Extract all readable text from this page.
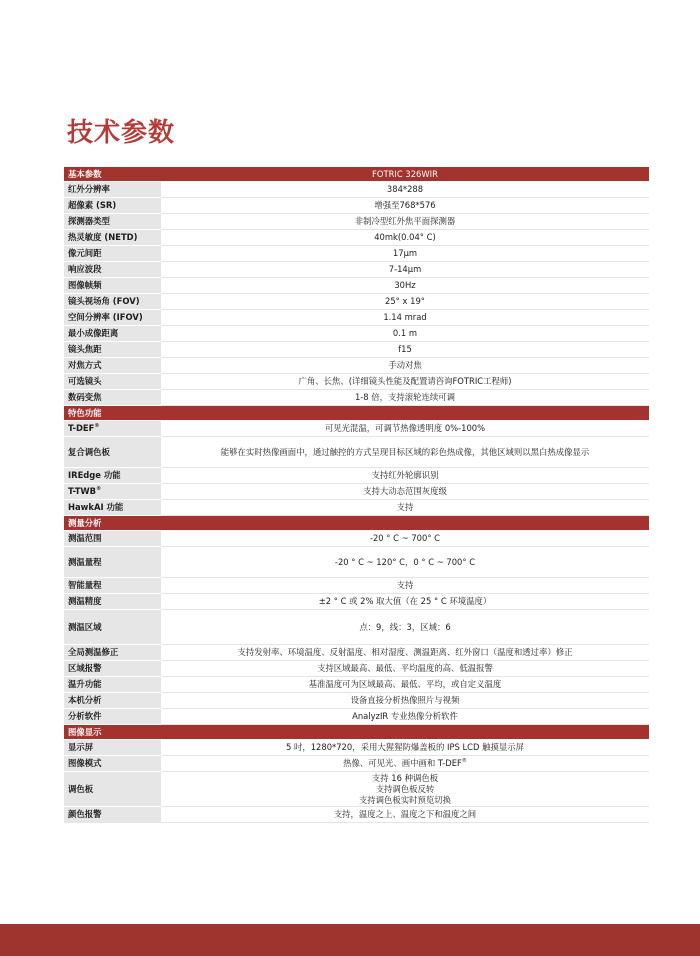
技术参数
基本参数	FOTRIC 326WIR
红外分辨率	384*288
超像素 (SR)	增强至768*576
探测器类型	非制冷型红外焦平面探测器
热灵敏度 (NETD)	40mk(0.04° C)
像元间距	17μm
响应波段	7-14μm
图像帧频	30Hz
镜头视场角 (FOV)	25° x 19°
空间分辨率 (IFOV)	1.14 mrad
最小成像距离	0.1 m
镜头焦距	f15
对焦方式	手动对焦
可选镜头	广角、长焦、(详细镜头性能及配置请咨询FOTRIC工程师)
数码变焦	1-8 倍，支持滚轮连续可调
特色功能	
T-DEF®	可见光混温，可调节热像透明度 0%-100%
复合调色板	能够在实时热像画面中，通过触控的方式呈现目标区域的彩色热成像，其他区域则以黑白热成像显示
IREdge 功能	支持红外轮廓识别
T-TWB®	支持大动态范围灰度级
HawkAI 功能	支持
测量分析	
测温范围	-20 ° C ~ 700° C
测温量程	-20 ° C ~ 120° C，0 ° C ~ 700° C
智能量程	支持
测温精度	±2 ° C 或 2% 取大值（在 25 ° C 环境温度）
测温区域	点：9，线：3，区域：6
全局测温修正	支持发射率、环境温度、反射温度、相对湿度、测温距离、红外窗口（温度和透过率）修正
区域报警	支持区域最高、最低、平均温度的高、低温报警
温升功能	基准温度可为区域最高、最低、平均，或自定义温度
本机分析	设备直接分析热像照片与视频
分析软件	AnalyzIR 专业热像分析软件
图像显示	
显示屏	5 吋，1280*720，采用大猩猩防爆盖板的 IPS LCD 触摸显示屏
图像模式	热像、可见光、画中画和 T-DEF®
调色板	支持 16 种调色板
支持调色板反转
支持调色板实时预览切换

颜色报警	支持，温度之上、温度之下和温度之间
